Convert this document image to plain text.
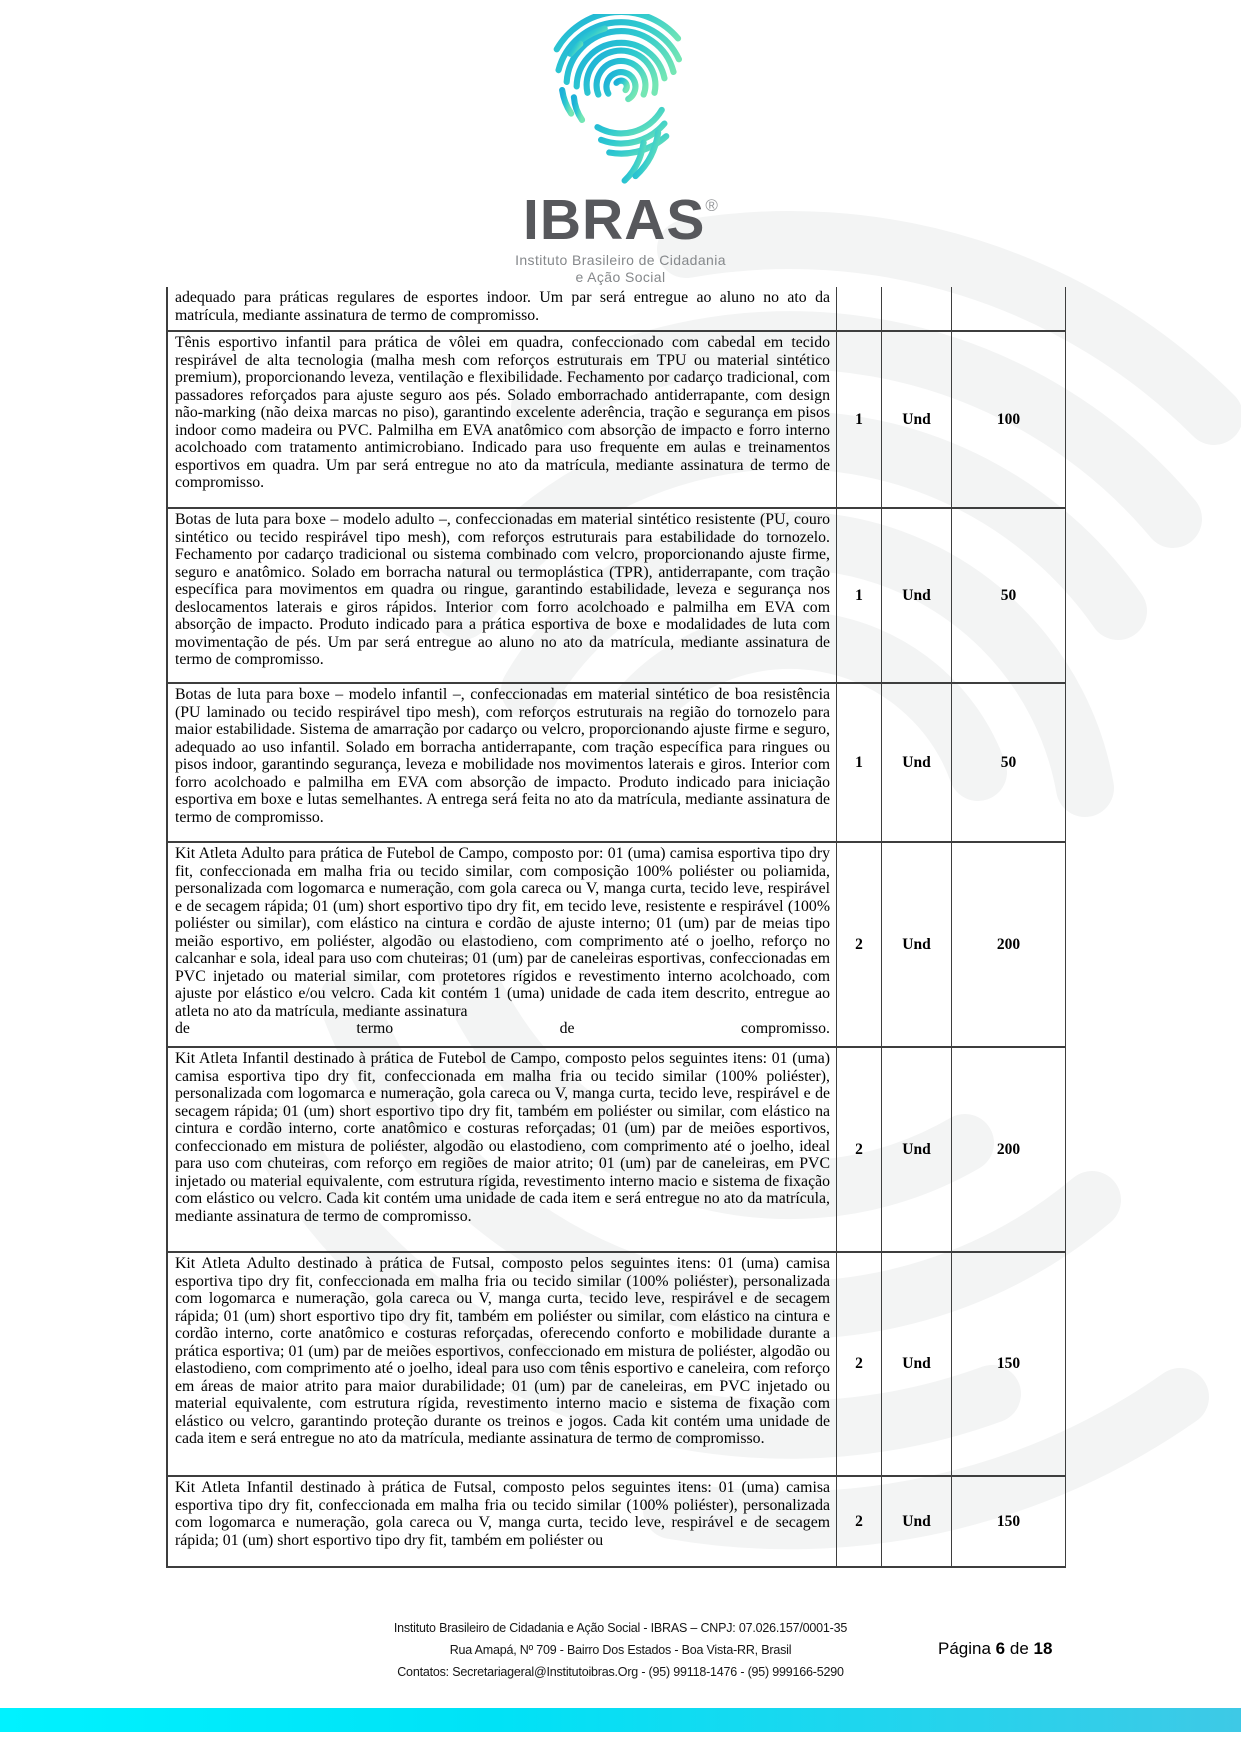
IBRAS®
Instituto Brasileiro de Cidadania
e Ação Social
adequado para práticas regulares de esportes indoor. Um par será entregue ao aluno no ato da matrícula, mediante assinatura de termo de compromisso.
Tênis esportivo infantil para prática de vôlei em quadra, confeccionado com cabedal em tecido respirável de alta tecnologia (malha mesh com reforços estruturais em TPU ou material sintético premium), proporcionando leveza, ventilação e flexibilidade. Fechamento por cadarço tradicional, com passadores reforçados para ajuste seguro aos pés. Solado emborrachado antiderrapante, com design não-marking (não deixa marcas no piso), garantindo excelente aderência, tração e segurança em pisos indoor como madeira ou PVC. Palmilha em EVA anatômico com absorção de impacto e forro interno acolchoado com tratamento antimicrobiano. Indicado para uso frequente em aulas e treinamentos esportivos em quadra. Um par será entregue no ato da matrícula, mediante assinatura de termo de compromisso.
1	Und	100
Botas de luta para boxe – modelo adulto –, confeccionadas em material sintético resistente (PU, couro sintético ou tecido respirável tipo mesh), com reforços estruturais para estabilidade do tornozelo. Fechamento por cadarço tradicional ou sistema combinado com velcro, proporcionando ajuste firme, seguro e anatômico. Solado em borracha natural ou termoplástica (TPR), antiderrapante, com tração específica para movimentos em quadra ou ringue, garantindo estabilidade, leveza e segurança nos deslocamentos laterais e giros rápidos. Interior com forro acolchoado e palmilha em EVA com absorção de impacto. Produto indicado para a prática esportiva de boxe e modalidades de luta com movimentação de pés. Um par será entregue ao aluno no ato da matrícula, mediante assinatura de termo de compromisso.
1	Und	50
Botas de luta para boxe – modelo infantil –, confeccionadas em material sintético de boa resistência (PU laminado ou tecido respirável tipo mesh), com reforços estruturais na região do tornozelo para maior estabilidade. Sistema de amarração por cadarço ou velcro, proporcionando ajuste firme e seguro, adequado ao uso infantil. Solado em borracha antiderrapante, com tração específica para ringues ou pisos indoor, garantindo segurança, leveza e mobilidade nos movimentos laterais e giros. Interior com forro acolchoado e palmilha em EVA com absorção de impacto. Produto indicado para iniciação esportiva em boxe e lutas semelhantes. A entrega será feita no ato da matrícula, mediante assinatura de termo de compromisso.
1	Und	50
Kit Atleta Adulto para prática de Futebol de Campo, composto por: 01 (uma) camisa esportiva tipo dry fit, confeccionada em malha fria ou tecido similar, com composição 100% poliéster ou poliamida, personalizada com logomarca e numeração, com gola careca ou V, manga curta, tecido leve, respirável e de secagem rápida; 01 (um) short esportivo tipo dry fit, em tecido leve, resistente e respirável (100% poliéster ou similar), com elástico na cintura e cordão de ajuste interno; 01 (um) par de meias tipo meião esportivo, em poliéster, algodão ou elastodieno, com comprimento até o joelho, reforço no calcanhar e sola, ideal para uso com chuteiras; 01 (um) par de caneleiras esportivas, confeccionadas em PVC injetado ou material similar, com protetores rígidos e revestimento interno acolchoado, com ajuste por elástico e/ou velcro. Cada kit contém 1 (uma) unidade de cada item descrito, entregue ao atleta no ato da matrícula, mediante assinatura
de termo de compromisso.
2	Und	200
Kit Atleta Infantil destinado à prática de Futebol de Campo, composto pelos seguintes itens: 01 (uma) camisa esportiva tipo dry fit, confeccionada em malha fria ou tecido similar (100% poliéster), personalizada com logomarca e numeração, gola careca ou V, manga curta, tecido leve, respirável e de secagem rápida; 01 (um) short esportivo tipo dry fit, também em poliéster ou similar, com elástico na cintura e cordão interno, corte anatômico e costuras reforçadas; 01 (um) par de meiões esportivos, confeccionado em mistura de poliéster, algodão ou elastodieno, com comprimento até o joelho, ideal para uso com chuteiras, com reforço em regiões de maior atrito; 01 (um) par de caneleiras, em PVC injetado ou material equivalente, com estrutura rígida, revestimento interno macio e sistema de fixação com elástico ou velcro. Cada kit contém uma unidade de cada item e será entregue no ato da matrícula, mediante assinatura de termo de compromisso.
2	Und	200
Kit Atleta Adulto destinado à prática de Futsal, composto pelos seguintes itens: 01 (uma) camisa esportiva tipo dry fit, confeccionada em malha fria ou tecido similar (100% poliéster), personalizada com logomarca e numeração, gola careca ou V, manga curta, tecido leve, respirável e de secagem rápida; 01 (um) short esportivo tipo dry fit, também em poliéster ou similar, com elástico na cintura e cordão interno, corte anatômico e costuras reforçadas, oferecendo conforto e mobilidade durante a prática esportiva; 01 (um) par de meiões esportivos, confeccionado em mistura de poliéster, algodão ou elastodieno, com comprimento até o joelho, ideal para uso com tênis esportivo e caneleira, com reforço em áreas de maior atrito para maior durabilidade; 01 (um) par de caneleiras, em PVC injetado ou material equivalente, com estrutura rígida, revestimento interno macio e sistema de fixação com elástico ou velcro, garantindo proteção durante os treinos e jogos. Cada kit contém uma unidade de cada item e será entregue no ato da matrícula, mediante assinatura de termo de compromisso.
2	Und	150
Kit Atleta Infantil destinado à prática de Futsal, composto pelos seguintes itens: 01 (uma) camisa esportiva tipo dry fit, confeccionada em malha fria ou tecido similar (100% poliéster), personalizada com logomarca e numeração, gola careca ou V, manga curta, tecido leve, respirável e de secagem rápida; 01 (um) short esportivo tipo dry fit, também em poliéster ou
2	Und	150
Instituto Brasileiro de Cidadania e Ação Social - IBRAS – CNPJ: 07.026.157/0001-35
Rua Amapá, Nº 709 - Bairro Dos Estados - Boa Vista-RR, Brasil
Contatos: Secretariageral@Institutoibras.Org - (95) 99118-1476 - (95) 999166-5290
Página 6 de 18
